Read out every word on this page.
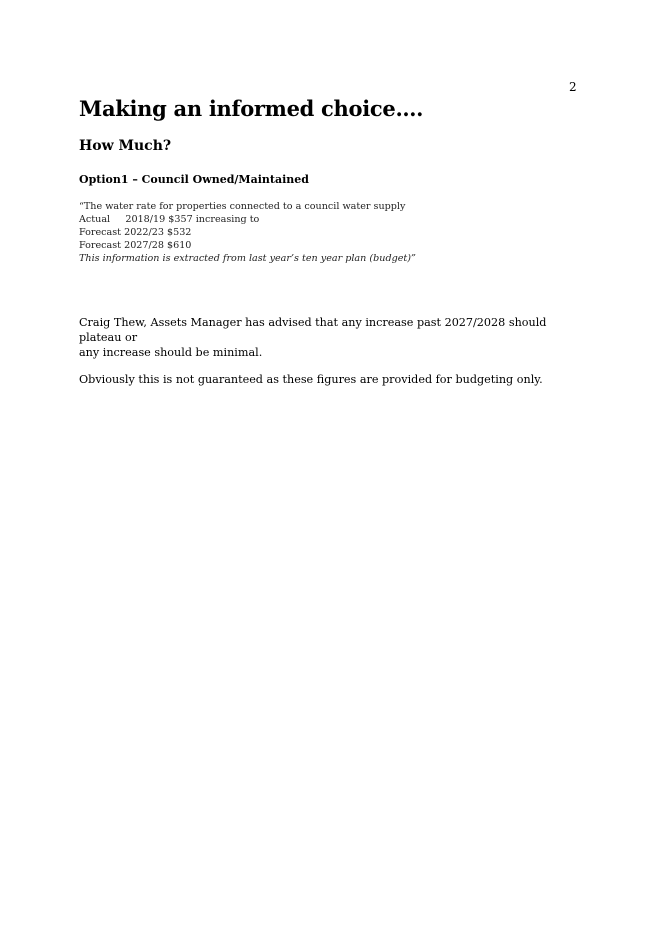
2
Making an informed choice….
How Much?
Option1 – Council Owned/Maintained
“The water rate for properties connected to a council water supply
Actual     2018/19 $357 increasing to
Forecast 2022/23 $532
Forecast 2027/28 $610
This information is extracted from last year’s ten year plan (budget)”

Craig Thew, Assets Manager has advised that any increase past 2027/2028 should plateau or
any increase should be minimal.

Obviously this is not guaranteed as these figures are provided for budgeting only.
